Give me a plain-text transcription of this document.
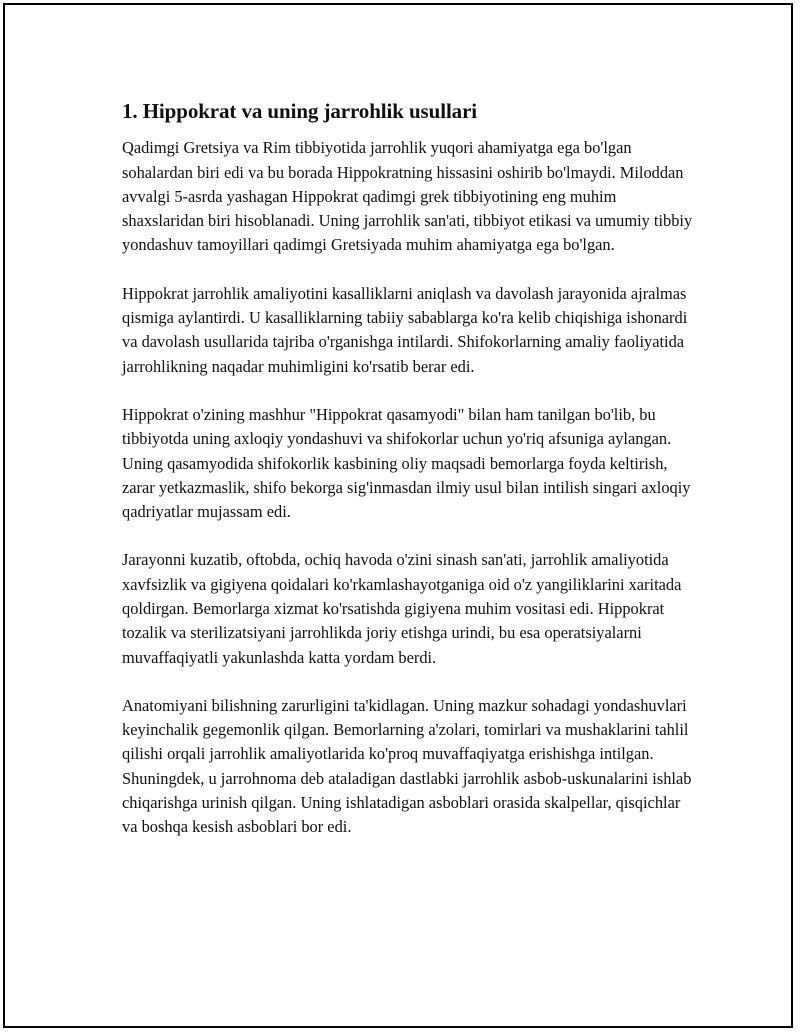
1. Hippokrat va uning jarrohlik usullari

Qadimgi Gretsiya va Rim tibbiyotida jarrohlik yuqori ahamiyatga ega bo'lgan sohalardan biri edi va bu borada Hippokratning hissasini oshirib bo'lmaydi. Miloddan avvalgi 5-asrda yashagan Hippokrat qadimgi grek tibbiyotining eng muhim shaxslaridan biri hisoblanadi. Uning jarrohlik san'ati, tibbiyot etikasi va umumiy tibbiy yondashuv tamoyillari qadimgi Gretsiyada muhim ahamiyatga ega bo'lgan.

Hippokrat jarrohlik amaliyotini kasalliklarni aniqlash va davolash jarayonida ajralmas qismiga aylantirdi. U kasalliklarning tabiiy sabablarga ko'ra kelib chiqishiga ishonardi va davolash usullarida tajriba o'rganishga intilardi. Shifokorlarning amaliy faoliyatida jarrohlikning naqadar muhimligini ko'rsatib berar edi.

Hippokrat o'zining mashhur "Hippokrat qasamyodi" bilan ham tanilgan bo'lib, bu tibbiyotda uning axloqiy yondashuvi va shifokorlar uchun yo'riq afsuniga aylangan. Uning qasamyodida shifokorlik kasbining oliy maqsadi bemorlarga foyda keltirish, zarar yetkazmaslik, shifo bekorga sig'inmasdan ilmiy usul bilan intilish singari axloqiy qadriyatlar mujassam edi.

Jarayonni kuzatib, oftobda, ochiq havoda o'zini sinash san'ati, jarrohlik amaliyotida xavfsizlik va gigiyena qoidalari ko'rkamlashayotganiga oid o'z yangiliklarini xaritada qoldirgan. Bemorlarga xizmat ko'rsatishda gigiyena muhim vositasi edi. Hippokrat tozalik va sterilizatsiyani jarrohlikda joriy etishga urindi, bu esa operatsiyalarni muvaffaqiyatli yakunlashda katta yordam berdi.

Anatomiyani bilishning zarurligini ta'kidlagan. Uning mazkur sohadagi yondashuvlari keyinchalik gegemonlik qilgan. Bemorlarning a'zolari, tomirlari va mushaklarini tahlil qilishi orqali jarrohlik amaliyotlarida ko'proq muvaffaqiyatga erishishga intilgan. Shuningdek, u jarrohnoma deb ataladigan dastlabki jarrohlik asbob-uskunalarini ishlab chiqarishga urinish qilgan. Uning ishlatadigan asboblari orasida skalpellar, qisqichlar va boshqa kesish asboblari bor edi.
